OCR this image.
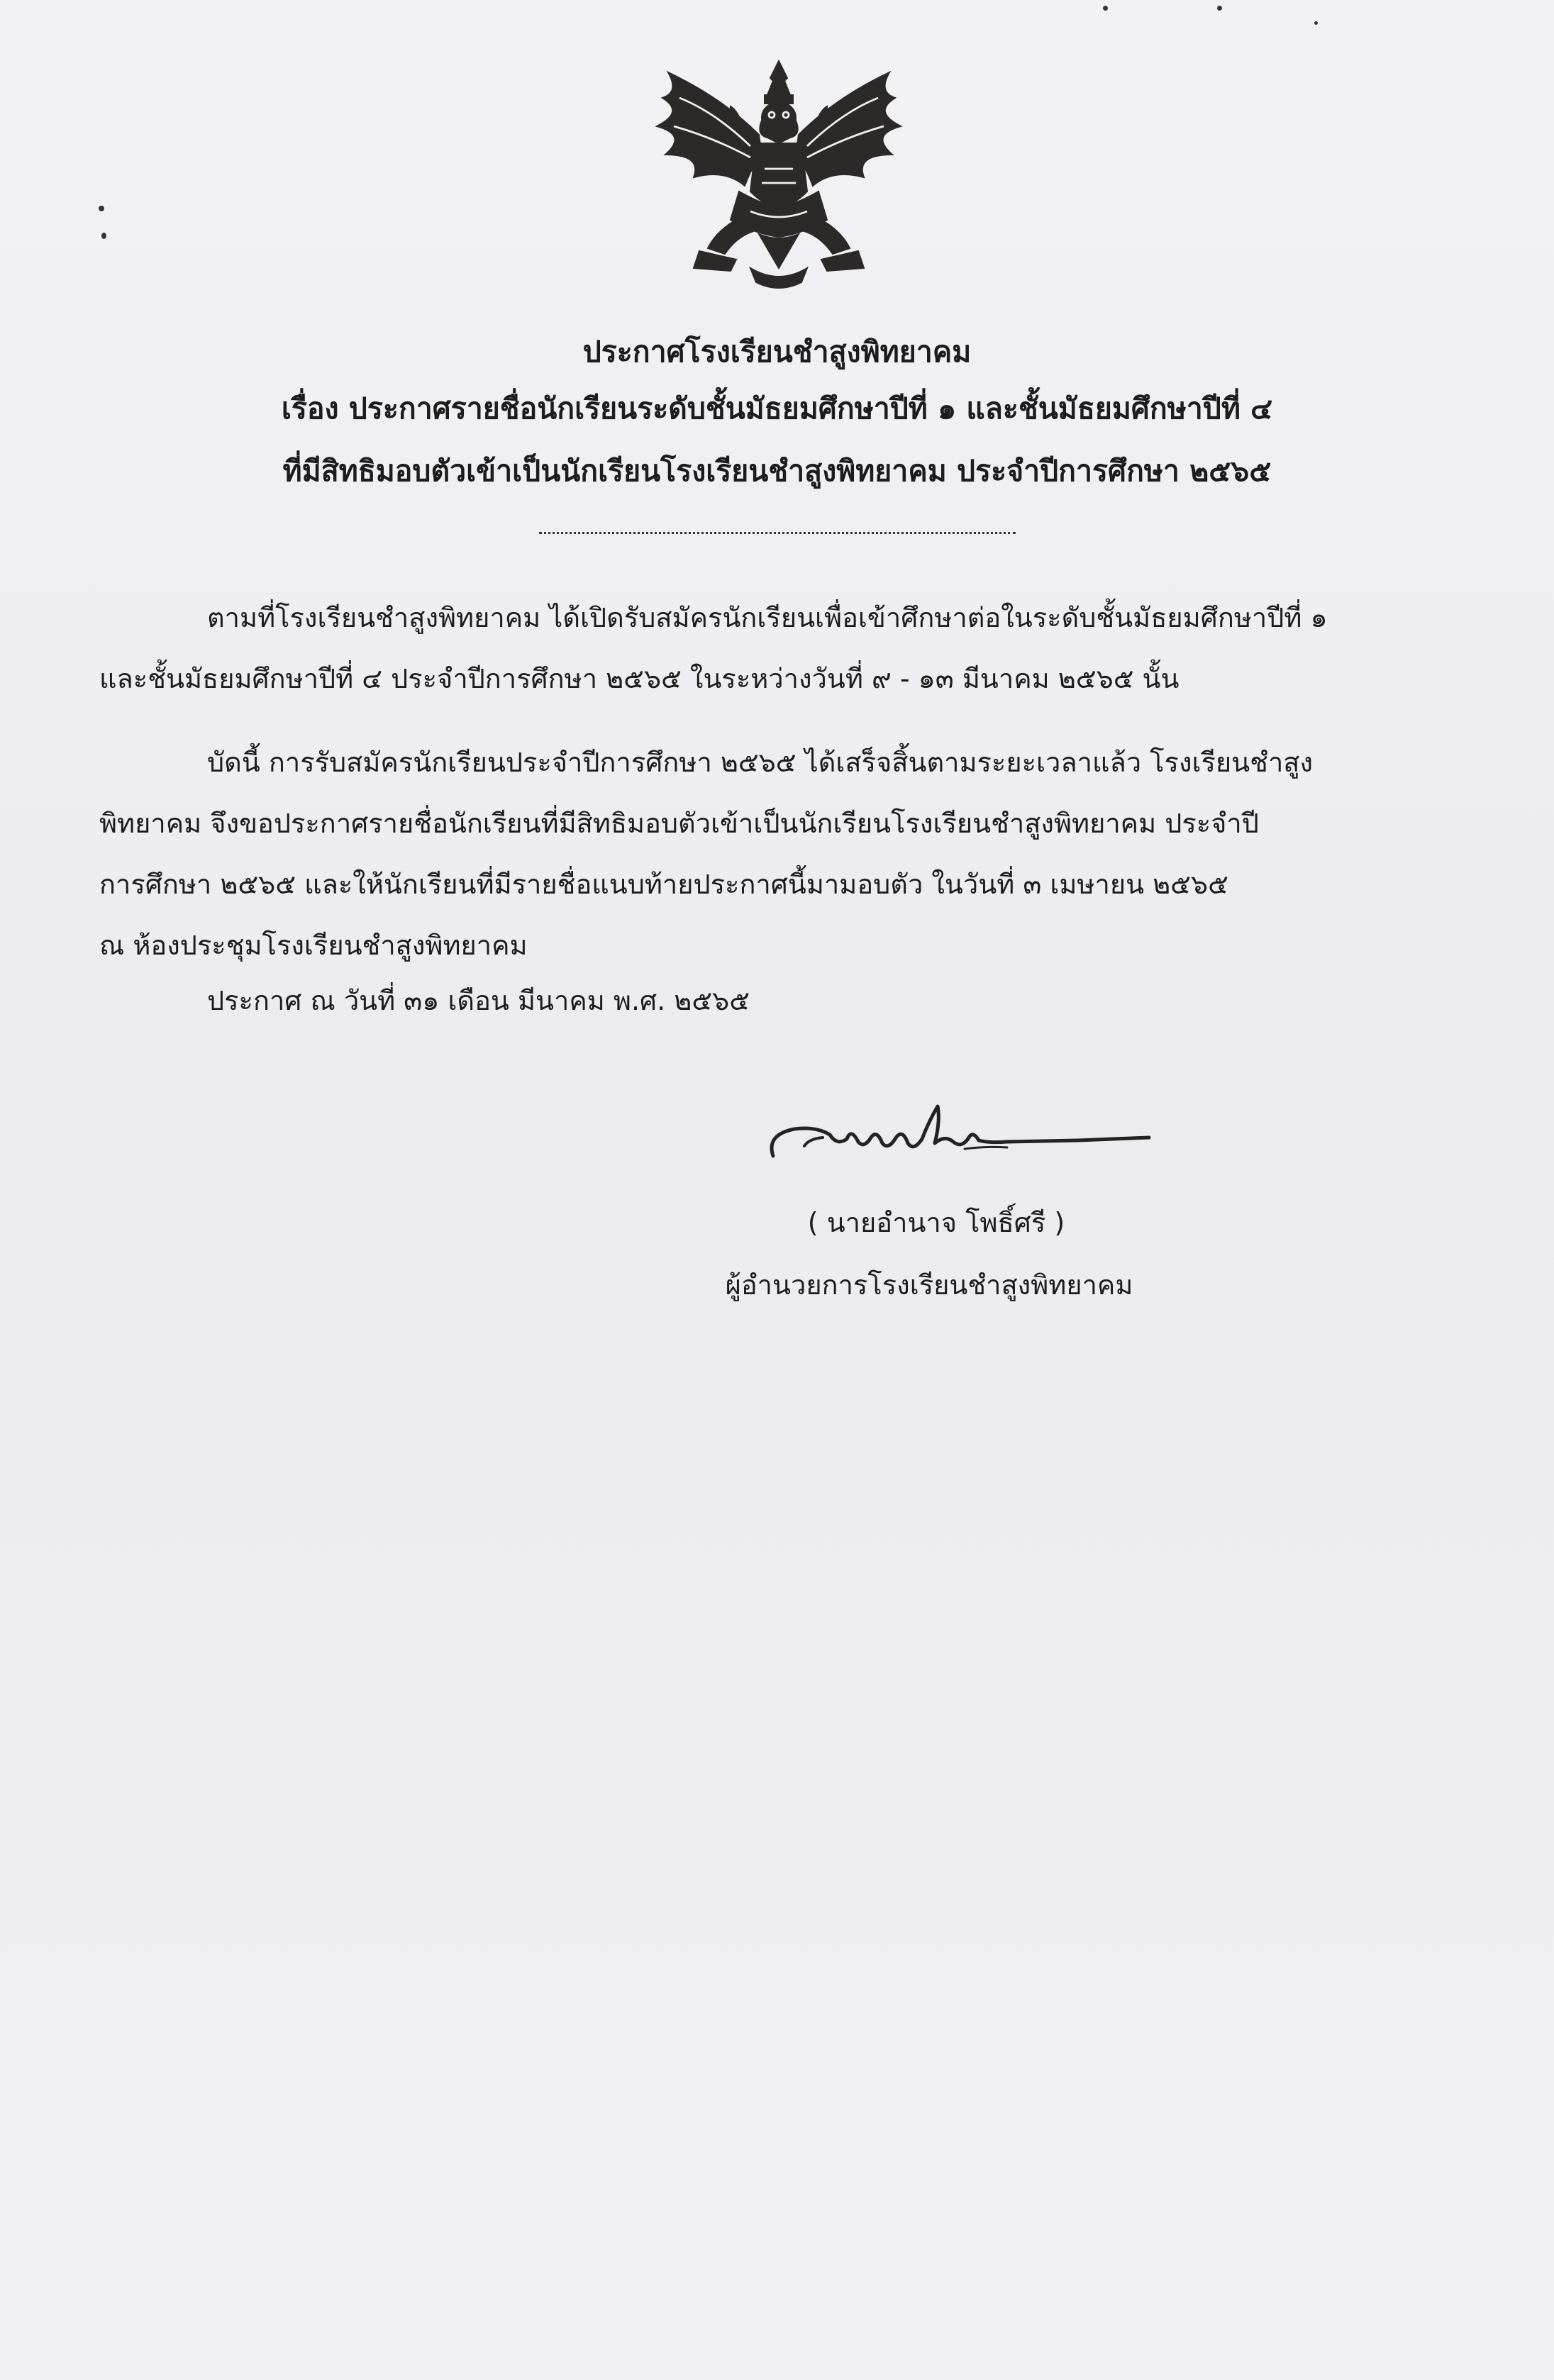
ประกาศโรงเรียนชำสูงพิทยาคม
เรื่อง ประกาศรายชื่อนักเรียนระดับชั้นมัธยมศึกษาปีที่ ๑ และชั้นมัธยมศึกษาปีที่ ๔
ที่มีสิทธิมอบตัวเข้าเป็นนักเรียนโรงเรียนชำสูงพิทยาคม ประจำปีการศึกษา ๒๕๖๕
ตามที่โรงเรียนชำสูงพิทยาคม ได้เปิดรับสมัครนักเรียนเพื่อเข้าศึกษาต่อในระดับชั้นมัธยมศึกษาปีที่ ๑
และชั้นมัธยมศึกษาปีที่ ๔ ประจำปีการศึกษา ๒๕๖๕ ในระหว่างวันที่ ๙ - ๑๓ มีนาคม ๒๕๖๕ นั้น
บัดนี้ การรับสมัครนักเรียนประจำปีการศึกษา ๒๕๖๕ ได้เสร็จสิ้นตามระยะเวลาแล้ว โรงเรียนชำสูง
พิทยาคม จึงขอประกาศรายชื่อนักเรียนที่มีสิทธิมอบตัวเข้าเป็นนักเรียนโรงเรียนชำสูงพิทยาคม ประจำปี
การศึกษา ๒๕๖๕ และให้นักเรียนที่มีรายชื่อแนบท้ายประกาศนี้มามอบตัว ในวันที่ ๓ เมษายน ๒๕๖๕
ณ ห้องประชุมโรงเรียนชำสูงพิทยาคม
ประกาศ ณ วันที่ ๓๑ เดือน มีนาคม พ.ศ. ๒๕๖๕
( นายอำนาจ โพธิ์ศรี )
ผู้อำนวยการโรงเรียนชำสูงพิทยาคม
